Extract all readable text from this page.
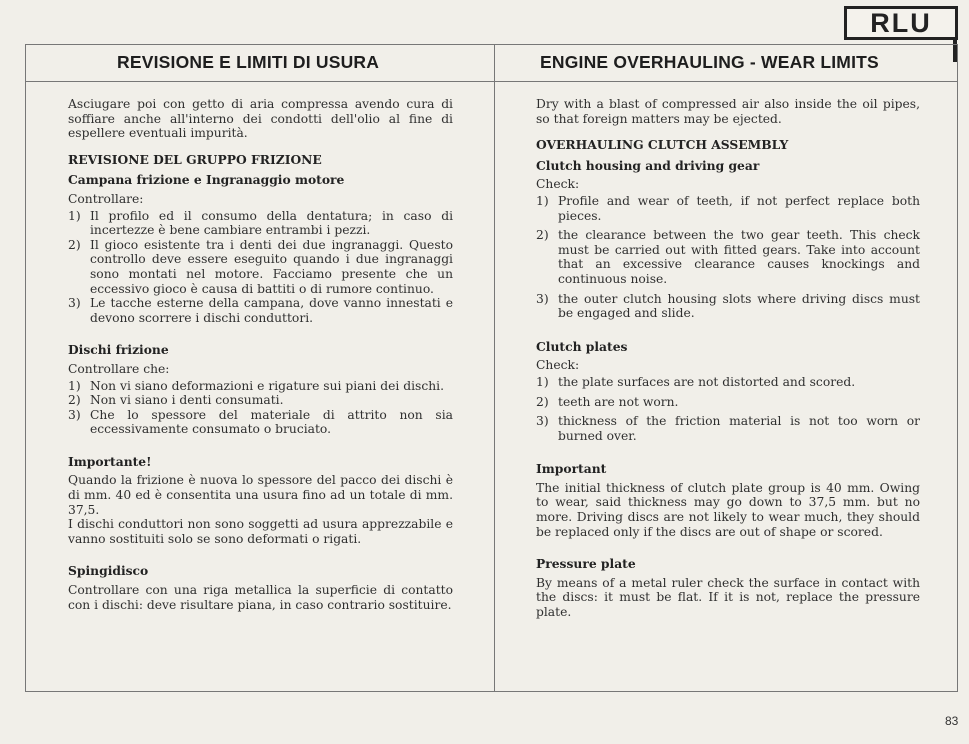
RLU
REVISIONE E LIMITI DI USURA	ENGINE OVERHAULING - WEAR LIMITS

Asciugare poi con getto di aria compressa avendo cura di soffiare anche all'interno dei condotti dell'olio al fine di espellere eventuali impurità.

REVISIONE DEL GRUPPO FRIZIONE
Campana frizione e Ingranaggio motore
Controllare:
1) Il profilo ed il consumo della dentatura; in caso di incertezze è bene cambiare entrambi i pezzi.
2) Il gioco esistente tra i denti dei due ingranaggi. Questo controllo deve essere eseguito quando i due ingranaggi sono montati nel motore. Facciamo presente che un eccessivo gioco è causa di battiti o di rumore continuo.
3) Le tacche esterne della campana, dove vanno innestati e devono scorrere i dischi conduttori.
Dischi frizione
Controllare che:
1) Non vi siano deformazioni e rigature sui piani dei dischi.
2) Non vi siano i denti consumati.
3) Che lo spessore del materiale di attrito non sia eccessivamente consumato o bruciato.
Importante!

Quando la frizione è nuova lo spessore del pacco dei dischi è di mm. 40 ed è consentita una usura fino ad un totale di mm. 37,5.

I dischi conduttori non sono soggetti ad usura apprezzabile e vanno sostituiti solo se sono deformati o rigati.

Spingidisco

Controllare con una riga metallica la superficie di contatto con i dischi: deve risultare piana, in caso contrario sostituire.

Dry with a blast of compressed air also inside the oil pipes, so that foreign matters may be ejected.

OVERHAULING CLUTCH ASSEMBLY
Clutch housing and driving gear
Check:
1) Profile and wear of teeth, if not perfect replace both pieces.
2) the clearance between the two gear teeth. This check must be carried out with fitted gears. Take into account that an excessive clearance causes knockings and continuous noise.
3) the outer clutch housing slots where driving discs must be engaged and slide.
Clutch plates
Check:
1) the plate surfaces are not distorted and scored.
2) teeth are not worn.
3) thickness of the friction material is not too worn or burned over.
Important

The initial thickness of clutch plate group is 40 mm. Owing to wear, said thickness may go down to 37,5 mm. but no more. Driving discs are not likely to wear much, they should be replaced only if the discs are out of shape or scored.

Pressure plate

By means of a metal ruler check the surface in contact with the discs: it must be flat. If it is not, replace the pressure plate.

83
